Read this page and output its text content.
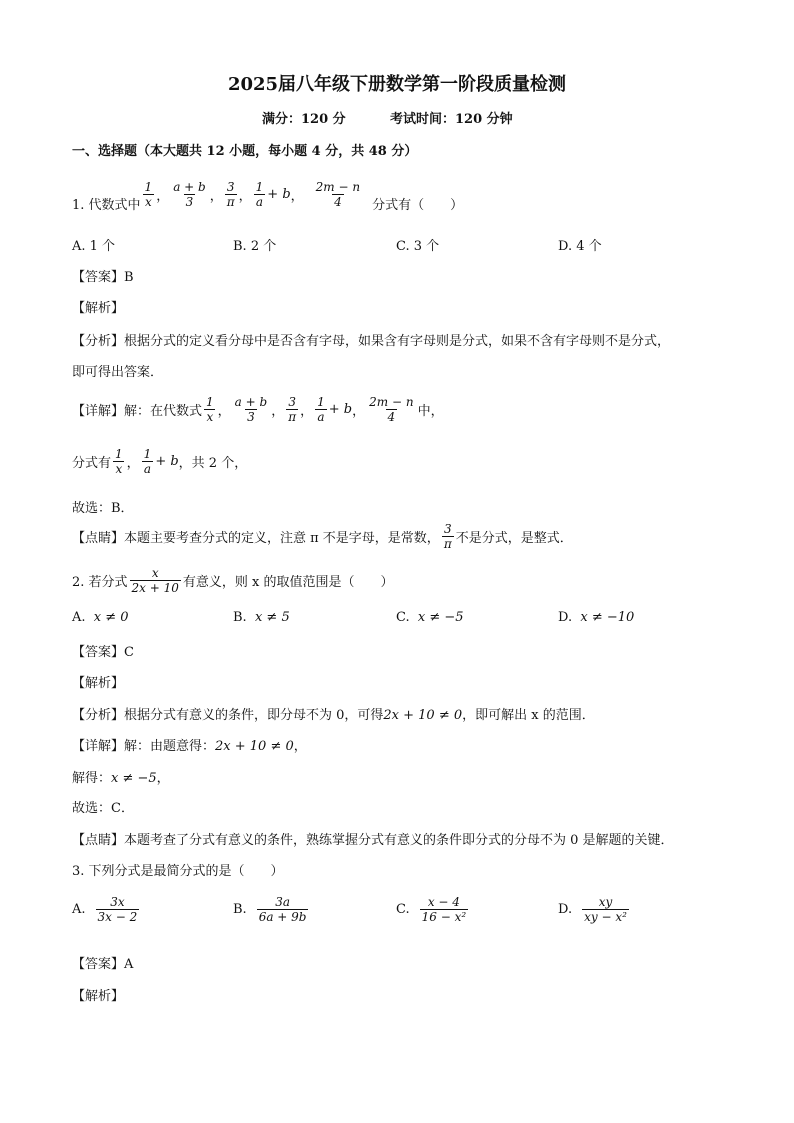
2025届八年级下册数学第一阶段质量检测
满分：120 分	考试时间：120 分钟
一、选择题（本大题共 12 小题，每小题 4 分，共 48 分）
1. 代数式中 $\frac{1}{x}$ ， $\frac{a + b}{3}$ ， $\frac{3}{\pi}$ ， $\frac{1}{a} + b$ ， $\frac{2m - n}{4}$ 分式有（　　）
A. 1 个	B. 2 个	C. 3 个	D. 4 个
【答案】B
【解析】
【分析】根据分式的定义看分母中是否含有字母，如果含有字母则是分式，如果不含有字母则不是分式，
即可得出答案．
【详解】解：在代数式 $\frac{1}{x}$ ， $\frac{a + b}{3}$ ， $\frac{3}{\pi}$ ， $\frac{1}{a} + b$ ， $\frac{2m - n}{4}$ 中，
分式有 $\frac{1}{x}$ ， $\frac{1}{a} + b$ ，共 2 个，
故选：B．
【点睛】本题主要考查分式的定义，注意 π 不是字母，是常数， $\frac{3}{\pi}$ 不是分式，是整式．
2. 若分式 $\frac{x}{2x + 10}$ 有意义，则 x 的取值范围是（　　）
A. x ≠ 0	B. x ≠ 5	C. x ≠ −5	D. x ≠ −10
【答案】C
【解析】
【分析】根据分式有意义的条件，即分母不为 0，可得2x + 10 ≠ 0，即可解出 x 的范围．
【详解】解：由题意得：2x + 10 ≠ 0，
解得：x ≠ −5，
故选：C．
【点睛】本题考查了分式有意义的条件，熟练掌握分式有意义的条件即分式的分母不为 0 是解题的关键．
3. 下列分式是最简分式的是（　　）
A. $\frac{3x}{3x - 2}$	B. $\frac{3a}{6a + 9b}$	C. $\frac{x - 4}{\text{16 − x²}}$	D. $\frac{xy}{\text{xy − x²}}$
【答案】A
【解析】
